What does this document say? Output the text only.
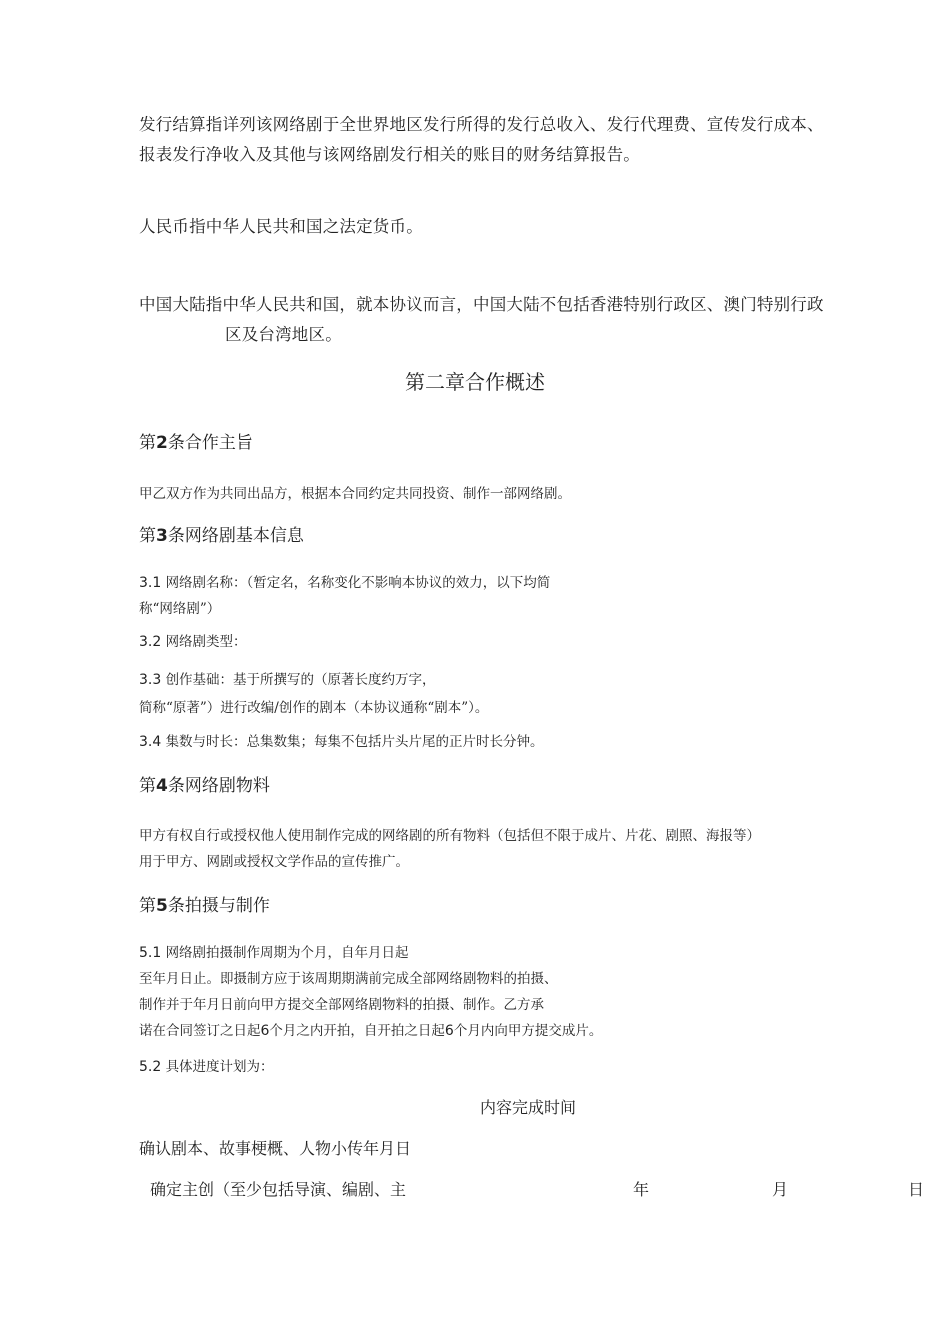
发行结算指详列该网络剧于全世界地区发行所得的发行总收入、发行代理费、宣传发行成本、
报表发行净收入及其他与该网络剧发行相关的账目的财务结算报告。
人民币指中华人民共和国之法定货币。
中国大陆指中华人民共和国，就本协议而言，中国大陆不包括香港特别行政区、澳门特别行政
区及台湾地区。
第二章合作概述
第2条合作主旨
甲乙双方作为共同出品方，根据本合同约定共同投资、制作一部网络剧。
第3条网络剧基本信息
3.1 网络剧名称：（暂定名，名称变化不影响本协议的效力，以下均简
称“网络剧”）
3.2 网络剧类型：
3.3 创作基础：基于所撰写的（原著长度约万字，
简称“原著”）进行改编/创作的剧本（本协议通称“剧本”）。
3.4 集数与时长：总集数集；每集不包括片头片尾的正片时长分钟。
第4条网络剧物料
甲方有权自行或授权他人使用制作完成的网络剧的所有物料（包括但不限于成片、片花、剧照、海报等）
用于甲方、网剧或授权文学作品的宣传推广。
第5条拍摄与制作
5.1 网络剧拍摄制作周期为个月，自年月日起
至年月日止。即摄制方应于该周期期满前完成全部网络剧物料的拍摄、
制作并于年月日前向甲方提交全部网络剧物料的拍摄、制作。乙方承
诺在合同签订之日起6个月之内开拍，自开拍之日起6个月内向甲方提交成片。
5.2 具体进度计划为：
内容完成时间
确认剧本、故事梗概、人物小传年月日
确定主创（至少包括导演、编剧、主	年	月	日
